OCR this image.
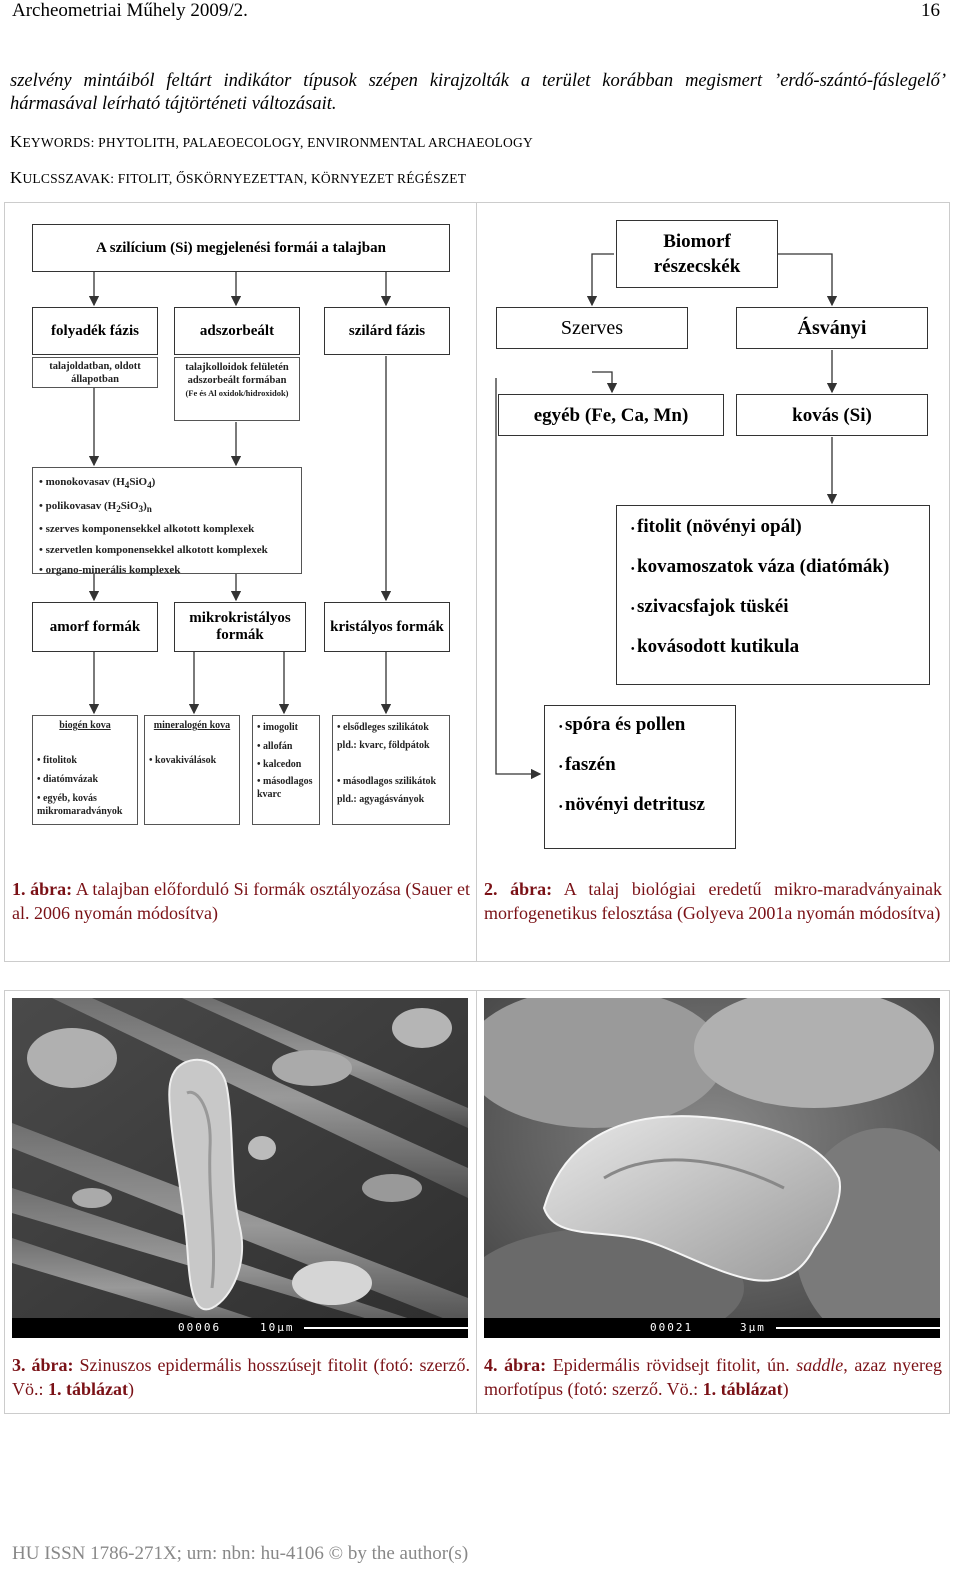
Archeometriai Műhely 2009/2.	16
szelvény mintáiból feltárt indikátor típusok szépen kirajzolták a terület korábban megismert ’erdő-szántó-fáslegelő’ hármasával leírható tájtörténeti változásait.
KEYWORDS: PHYTOLITH, PALAEOECOLOGY, ENVIRONMENTAL ARCHAEOLOGY
KULCSSZAVAK: FITOLIT, ŐSKÖRNYEZETTAN, KÖRNYEZET RÉGÉSZET
A szilícium (Si) megjelenési formái a talajban
folyadék fázis	adszorbeált	szilárd fázis
talajoldatban, oldott állapotban
talajkolloidok felületén adszorbeált formában
(Fe és Al oxidok/hidroxidok)
• monokovasav $(H_4SiO_4)$
• polikovasav $(H_2SiO_3)_n$
• szerves komponensekkel alkotott komplexek
• szervetlen komponensekkel alkotott komplexek
• organo-minerális komplexek
amorf formák
mikrokristályos formák
kristályos formák
biogén kova
• fitolitok
• diatómvázak
• egyéb, kovás mikromaradványok
mineralogén kova
• kovakiválások
• imogolit
• allofán
• kalcedon
• másodlagos kvarc
• elsődleges szilikátok
pld.: kvarc, földpátok
• másodlagos szilikátok
pld.: agyagásványok
Biomorf részecskék
Szerves	Ásványi
egyéb (Fe, Ca, Mn)	kovás (Si)
• fitolit (növényi opál)
• kovamoszatok váza (diatómák)
• szivacsfajok tüskéi
• kovásodott kutikula
• spóra és pollen
• faszén
• növényi detritusz
1. ábra: A talajban előforduló Si formák osztályozása (Sauer et al. 2006 nyomán módosítva)
2. ábra: A talaj biológiai eredetű mikro-maradványainak morfogenetikus felosztása (Golyeva 2001a nyomán módosítva)
00006	10μm	00021	3μm
3. ábra: Szinuszos epidermális hosszúsejt fitolit (fotó: szerző. Vö.: 1. táblázat)
4. ábra: Epidermális rövidsejt fitolit, ún. saddle, azaz nyereg morfotípus (fotó: szerző. Vö.: 1. táblázat)
HU ISSN 1786-271X; urn: nbn: hu-4106 © by the author(s)
